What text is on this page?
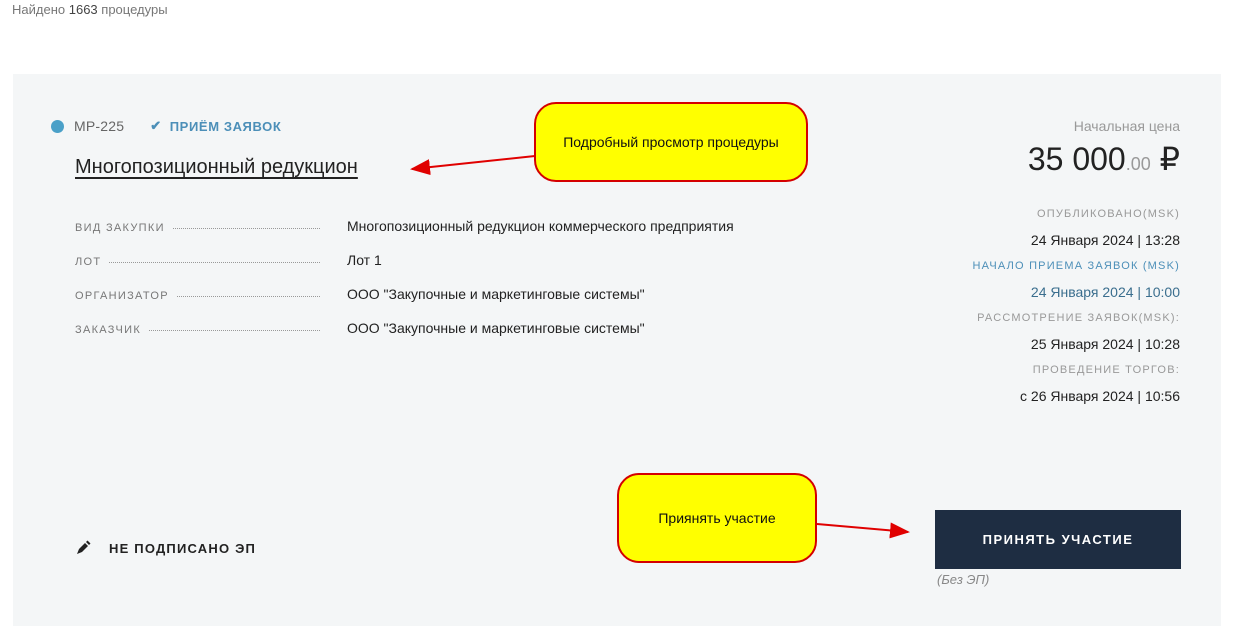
Найдено 1663 процедуры
МР-225 ✔ ПРИЁМ ЗАЯВОК
Многопозиционный редукцион
ВИД ЗАКУПКИ	Многопозиционный редукцион коммерческого предприятия
ЛОТ	Лот 1
ОРГАНИЗАТОР	ООО "Закупочные и маркетинговые системы"
ЗАКАЗЧИК	ООО "Закупочные и маркетинговые системы"
Начальная цена
35 000.00 ₽
ОПУБЛИКОВАНО(MSK)
24 Января 2024 | 13:28
НАЧАЛО ПРИЕМА ЗАЯВОК (MSK)
24 Января 2024 | 10:00
РАССМОТРЕНИЕ ЗАЯВОК(MSK):
25 Января 2024 | 10:28
ПРОВЕДЕНИЕ ТОРГОВ:
с 26 Января 2024 | 10:56
НЕ ПОДПИСАНО ЭП
ПРИНЯТЬ УЧАСТИЕ
(Без ЭП)
Подробный просмотр процедуры
Приянять участие
